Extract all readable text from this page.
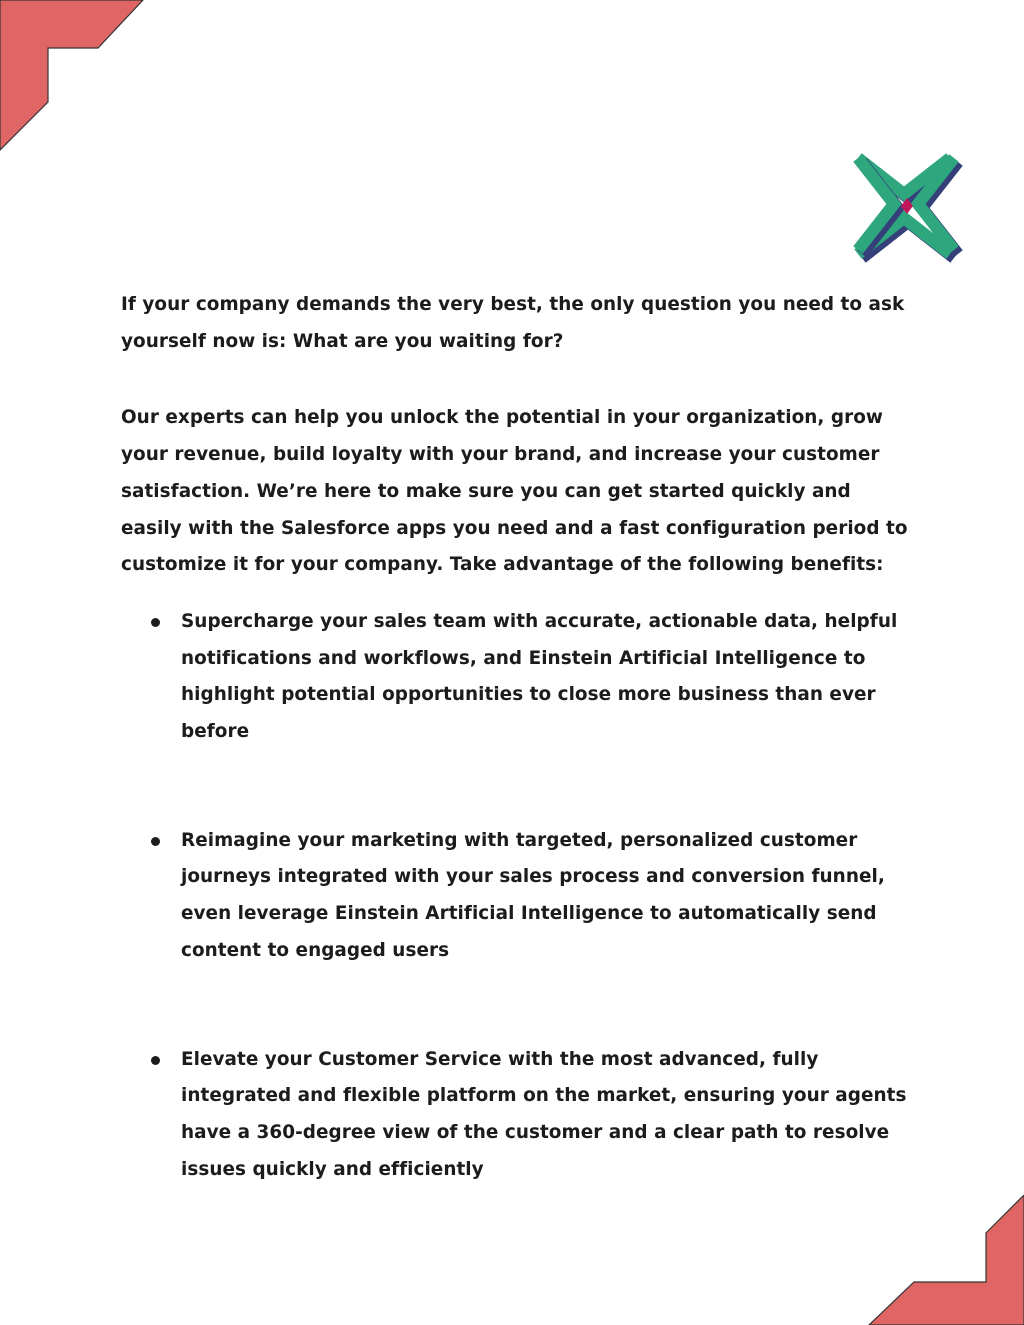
If your company demands the very best, the only question you need to ask yourself now is: What are you waiting for?

Our experts can help you unlock the potential in your organization, grow your revenue, build loyalty with your brand, and increase your customer satisfaction. We’re here to make sure you can get started quickly and easily with the Salesforce apps you need and a fast configuration period to customize it for your company. Take advantage of the following benefits:

Supercharge your sales team with accurate, actionable data, helpful notifications and workflows, and Einstein Artificial Intelligence to highlight potential opportunities to close more business than ever before
Reimagine your marketing with targeted, personalized customer journeys integrated with your sales process and conversion funnel, even leverage Einstein Artificial Intelligence to automatically send content to engaged users
Elevate your Customer Service with the most advanced, fully integrated and flexible platform on the market, ensuring your agents have a 360-degree view of the customer and a clear path to resolve issues quickly and efficiently
